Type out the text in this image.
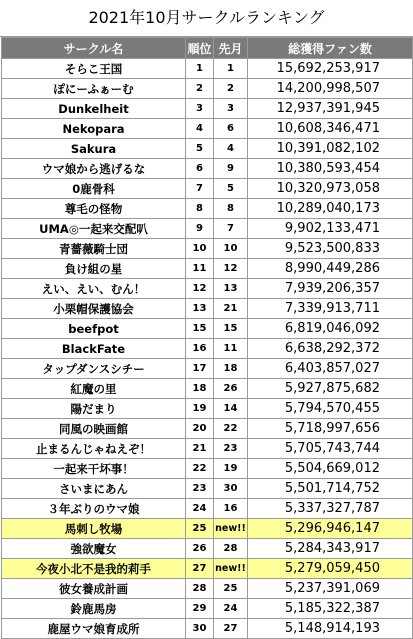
2021年10月サークルランキング
サークル名	順位	先月	総獲得ファン数
そらこ王国	1	1	15,692,253,917
ぽにーふぁーむ	2	2	14,200,998,507
Dunkelheit	3	3	12,937,391,945
Nekopara	4	6	10,608,346,471
Sakura	5	4	10,391,082,102
ウマ娘から逃げるな	6	9	10,380,593,454
0鹿骨科	7	5	10,320,973,058
尊毛の怪物	8	8	10,289,040,173
UMA◎一起来交配叭	9	7	9,902,133,471
青薔薇騎士団	10	10	9,523,500,833
負け組の星	11	12	8,990,449,286
えい、えい、むん！	12	13	7,939,206,357
小栗帽保護協会	13	21	7,339,913,711
beefpot	15	15	6,819,046,092
BlackFate	16	11	6,638,292,372
タップダンスシチー	17	18	6,403,857,027
紅魔の里	18	26	5,927,875,682
陽だまり	19	14	5,794,570,455
同風の映画館	20	22	5,718,997,656
止まるんじゃねえぞ！	21	23	5,705,743,744
一起来干坏事！	22	19	5,504,669,012
さいまにあん	23	30	5,501,714,752
３年ぶりのウマ娘	24	16	5,337,327,787
馬刺し牧場	25	new!!	5,296,946,147
強欲魔女	26	28	5,284,343,917
今夜小北不是我的莉手	27	new!!	5,279,059,450
彼女養成計画	28	25	5,237,391,069
鈴鹿馬房	29	24	5,185,322,387
鹿屋ウマ娘育成所	30	27	5,148,914,193
